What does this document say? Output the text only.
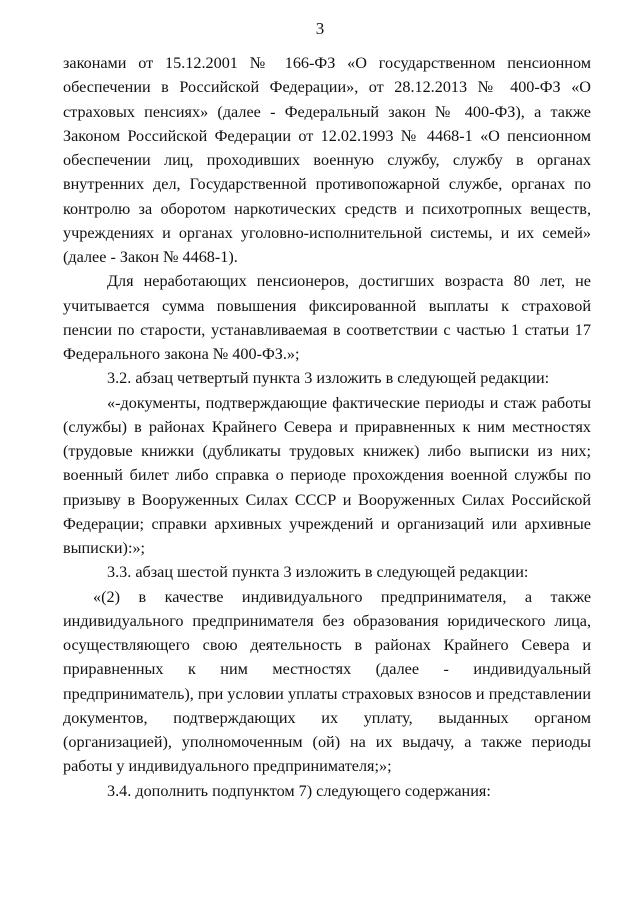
3

законами от 15.12.2001 № 166-ФЗ «О государственном пенсионном обеспечении в Российской Федерации», от 28.12.2013 № 400-ФЗ «О страховых пенсиях» (далее - Федеральный закон № 400-ФЗ), а также Законом Российской Федерации от 12.02.1993 № 4468-1 «О пенсионном обеспечении лиц, проходивших военную службу, службу в органах внутренних дел, Государственной противопожарной службе, органах по контролю за оборотом наркотических средств и психотропных веществ, учреждениях и органах уголовно-исполнительной системы, и их семей» (далее - Закон № 4468-1).

Для неработающих пенсионеров, достигших возраста 80 лет, не учитывается сумма повышения фиксированной выплаты к страховой пенсии по старости, устанавливаемая в соответствии с частью 1 статьи 17 Федерального закона № 400-ФЗ.»;

3.2. абзац четвертый пункта 3 изложить в следующей редакции:

«-документы, подтверждающие фактические периоды и стаж работы (службы) в районах Крайнего Севера и приравненных к ним местностях (трудовые книжки (дубликаты трудовых книжек) либо выписки из них; военный билет либо справка о периоде прохождения военной службы по призыву в Вооруженных Силах СССР и Вооруженных Силах Российской Федерации; справки архивных учреждений и организаций или архивные выписки):»;

3.3. абзац шестой пункта 3 изложить в следующей редакции:

«(2) в качестве индивидуального предпринимателя, а также индивидуального предпринимателя без образования юридического лица, осуществляющего свою деятельность в районах Крайнего Севера и приравненных к ним местностях (далее - индивидуальный предприниматель), при условии уплаты страховых взносов и представлении документов, подтверждающих их уплату, выданных органом (организацией), уполномоченным (ой) на их выдачу, а также периоды работы у индивидуального предпринимателя;»;

3.4. дополнить подпунктом 7) следующего содержания:
